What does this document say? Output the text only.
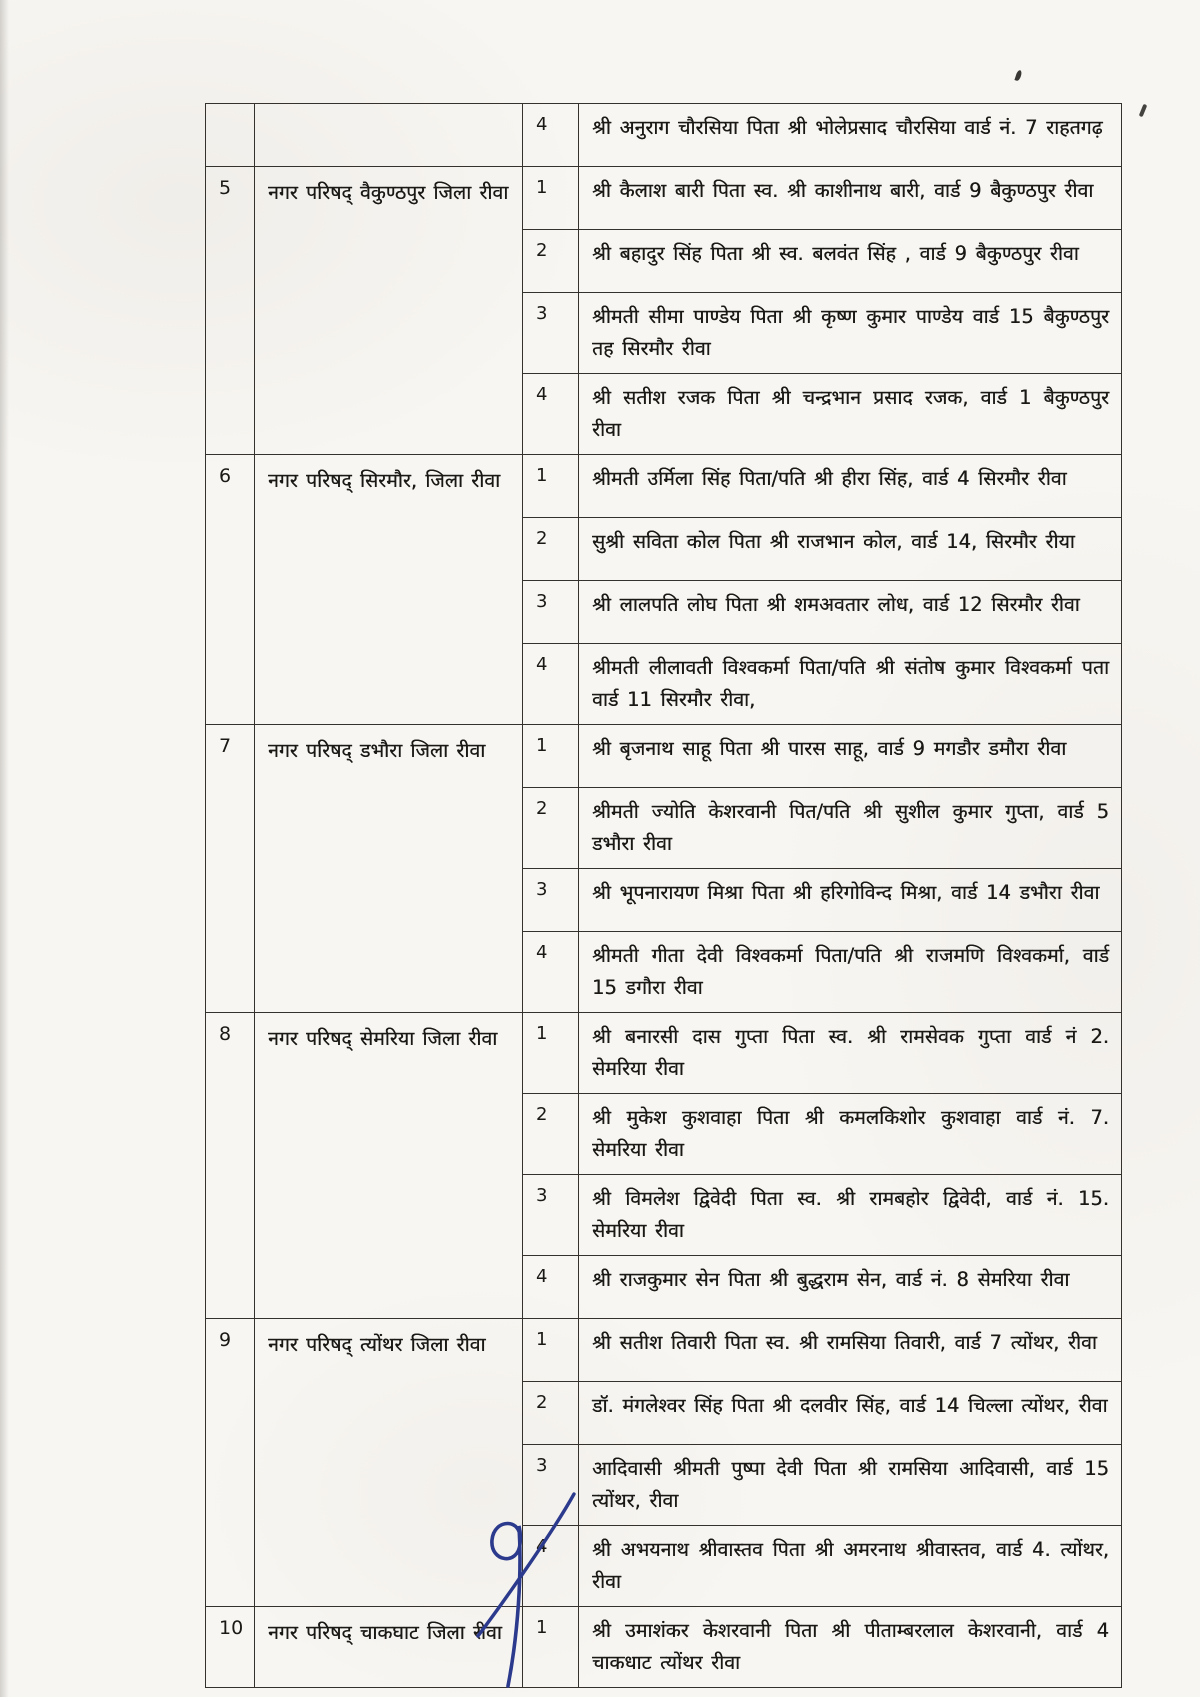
4	श्री अनुराग चौरसिया पिता श्री भोलेप्रसाद चौरसिया वार्ड नं. 7 राहतगढ़
5	नगर परिषद् वैकुण्ठपुर जिला रीवा	1	श्री कैलाश बारी पिता स्व. श्री काशीनाथ बारी, वार्ड 9 बैकुण्ठपुर रीवा
2	श्री बहादुर सिंह पिता श्री स्व. बलवंत सिंह , वार्ड 9 बैकुण्ठपुर रीवा
3	श्रीमती सीमा पाण्डेय पिता श्री कृष्ण कुमार पाण्डेय वार्ड 15 बैकुण्ठपुर तह सिरमौर रीवा
4	श्री सतीश रजक पिता श्री चन्द्रभान प्रसाद रजक, वार्ड 1 बैकुण्ठपुर रीवा
6	नगर परिषद् सिरमौर, जिला रीवा	1	श्रीमती उर्मिला सिंह पिता/पति श्री हीरा सिंह, वार्ड 4 सिरमौर रीवा
2	सुश्री सविता कोल पिता श्री राजभान कोल, वार्ड 14, सिरमौर रीया
3	श्री लालपति लोघ पिता श्री शमअवतार लोध, वार्ड 12 सिरमौर रीवा
4	श्रीमती लीलावती विश्वकर्मा पिता/पति श्री संतोष कुमार विश्वकर्मा पता वार्ड 11 सिरमौर रीवा,
7	नगर परिषद् डभौरा जिला रीवा	1	श्री बृजनाथ साहू पिता श्री पारस साहू, वार्ड 9 मगडौर डमौरा रीवा
2	श्रीमती ज्योति केशरवानी पित/पति श्री सुशील कुमार गुप्ता, वार्ड 5 डभौरा रीवा
3	श्री भूपनारायण मिश्रा पिता श्री हरिगोविन्द मिश्रा, वार्ड 14 डभौरा रीवा
4	श्रीमती गीता देवी विश्वकर्मा पिता/पति श्री राजमणि विश्वकर्मा, वार्ड 15 डगौरा रीवा
8	नगर परिषद् सेमरिया जिला रीवा	1	श्री बनारसी दास गुप्ता पिता स्व. श्री रामसेवक गुप्ता वार्ड नं 2. सेमरिया रीवा
2	श्री मुकेश कुशवाहा पिता श्री कमलकिशोर कुशवाहा वार्ड नं. 7. सेमरिया रीवा
3	श्री विमलेश द्विवेदी पिता स्व. श्री रामबहोर द्विवेदी, वार्ड नं. 15. सेमरिया रीवा
4	श्री राजकुमार सेन पिता श्री बुद्धराम सेन, वार्ड नं. 8 सेमरिया रीवा
9	नगर परिषद् त्योंथर जिला रीवा	1	श्री सतीश तिवारी पिता स्व. श्री रामसिया तिवारी, वार्ड 7 त्योंथर, रीवा
2	डॉ. मंगलेश्वर सिंह पिता श्री दलवीर सिंह, वार्ड 14 चिल्ला त्योंथर, रीवा
3	आदिवासी श्रीमती पुष्पा देवी पिता श्री रामसिया आदिवासी, वार्ड 15 त्योंथर, रीवा
4	श्री अभयनाथ श्रीवास्तव पिता श्री अमरनाथ श्रीवास्तव, वार्ड 4. त्योंथर, रीवा
10	नगर परिषद् चाकघाट जिला रीवा	1	श्री उमाशंकर केशरवानी पिता श्री पीताम्बरलाल केशरवानी, वार्ड 4 चाकधाट त्योंथर रीवा
